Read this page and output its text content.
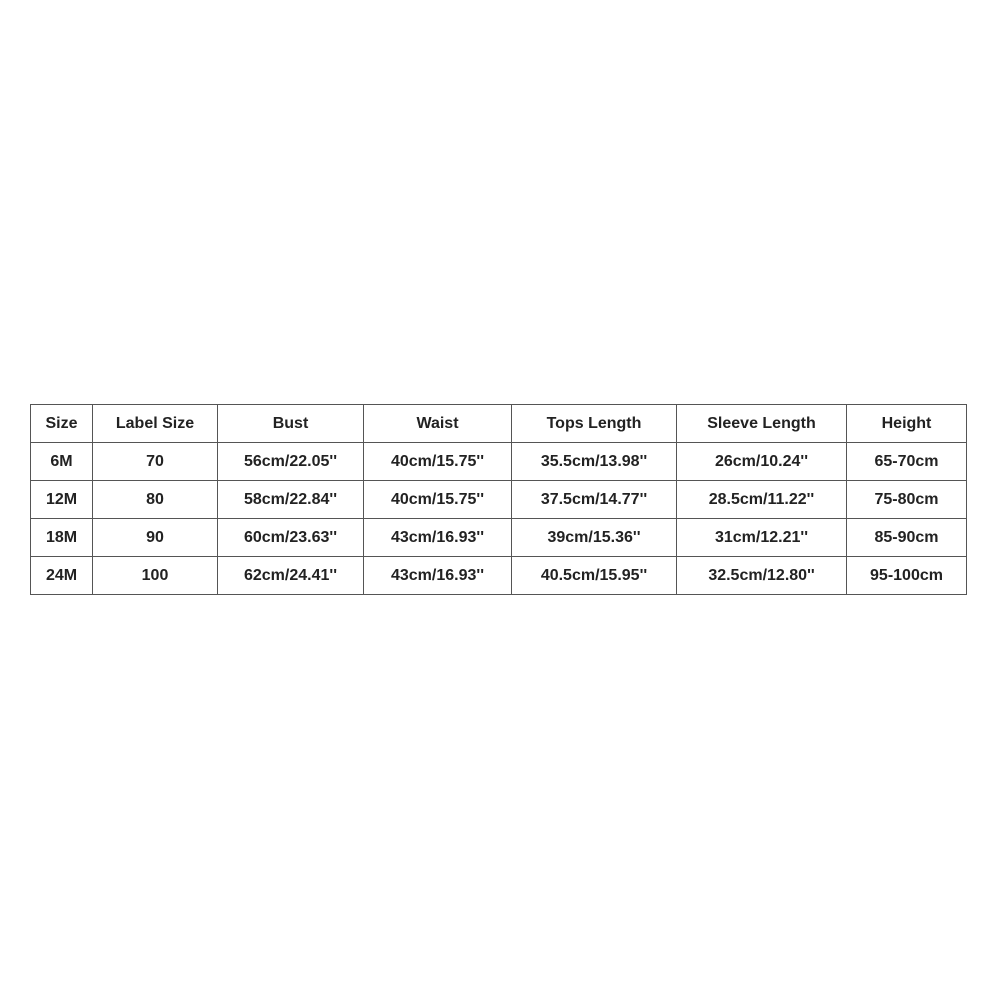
Size	Label Size	Bust	Waist	Tops Length	Sleeve Length	Height
6M	70	56cm/22.05''	40cm/15.75''	35.5cm/13.98''	26cm/10.24''	65-70cm
12M	80	58cm/22.84''	40cm/15.75''	37.5cm/14.77''	28.5cm/11.22''	75-80cm
18M	90	60cm/23.63''	43cm/16.93''	39cm/15.36''	31cm/12.21''	85-90cm
24M	100	62cm/24.41''	43cm/16.93''	40.5cm/15.95''	32.5cm/12.80''	95-100cm
